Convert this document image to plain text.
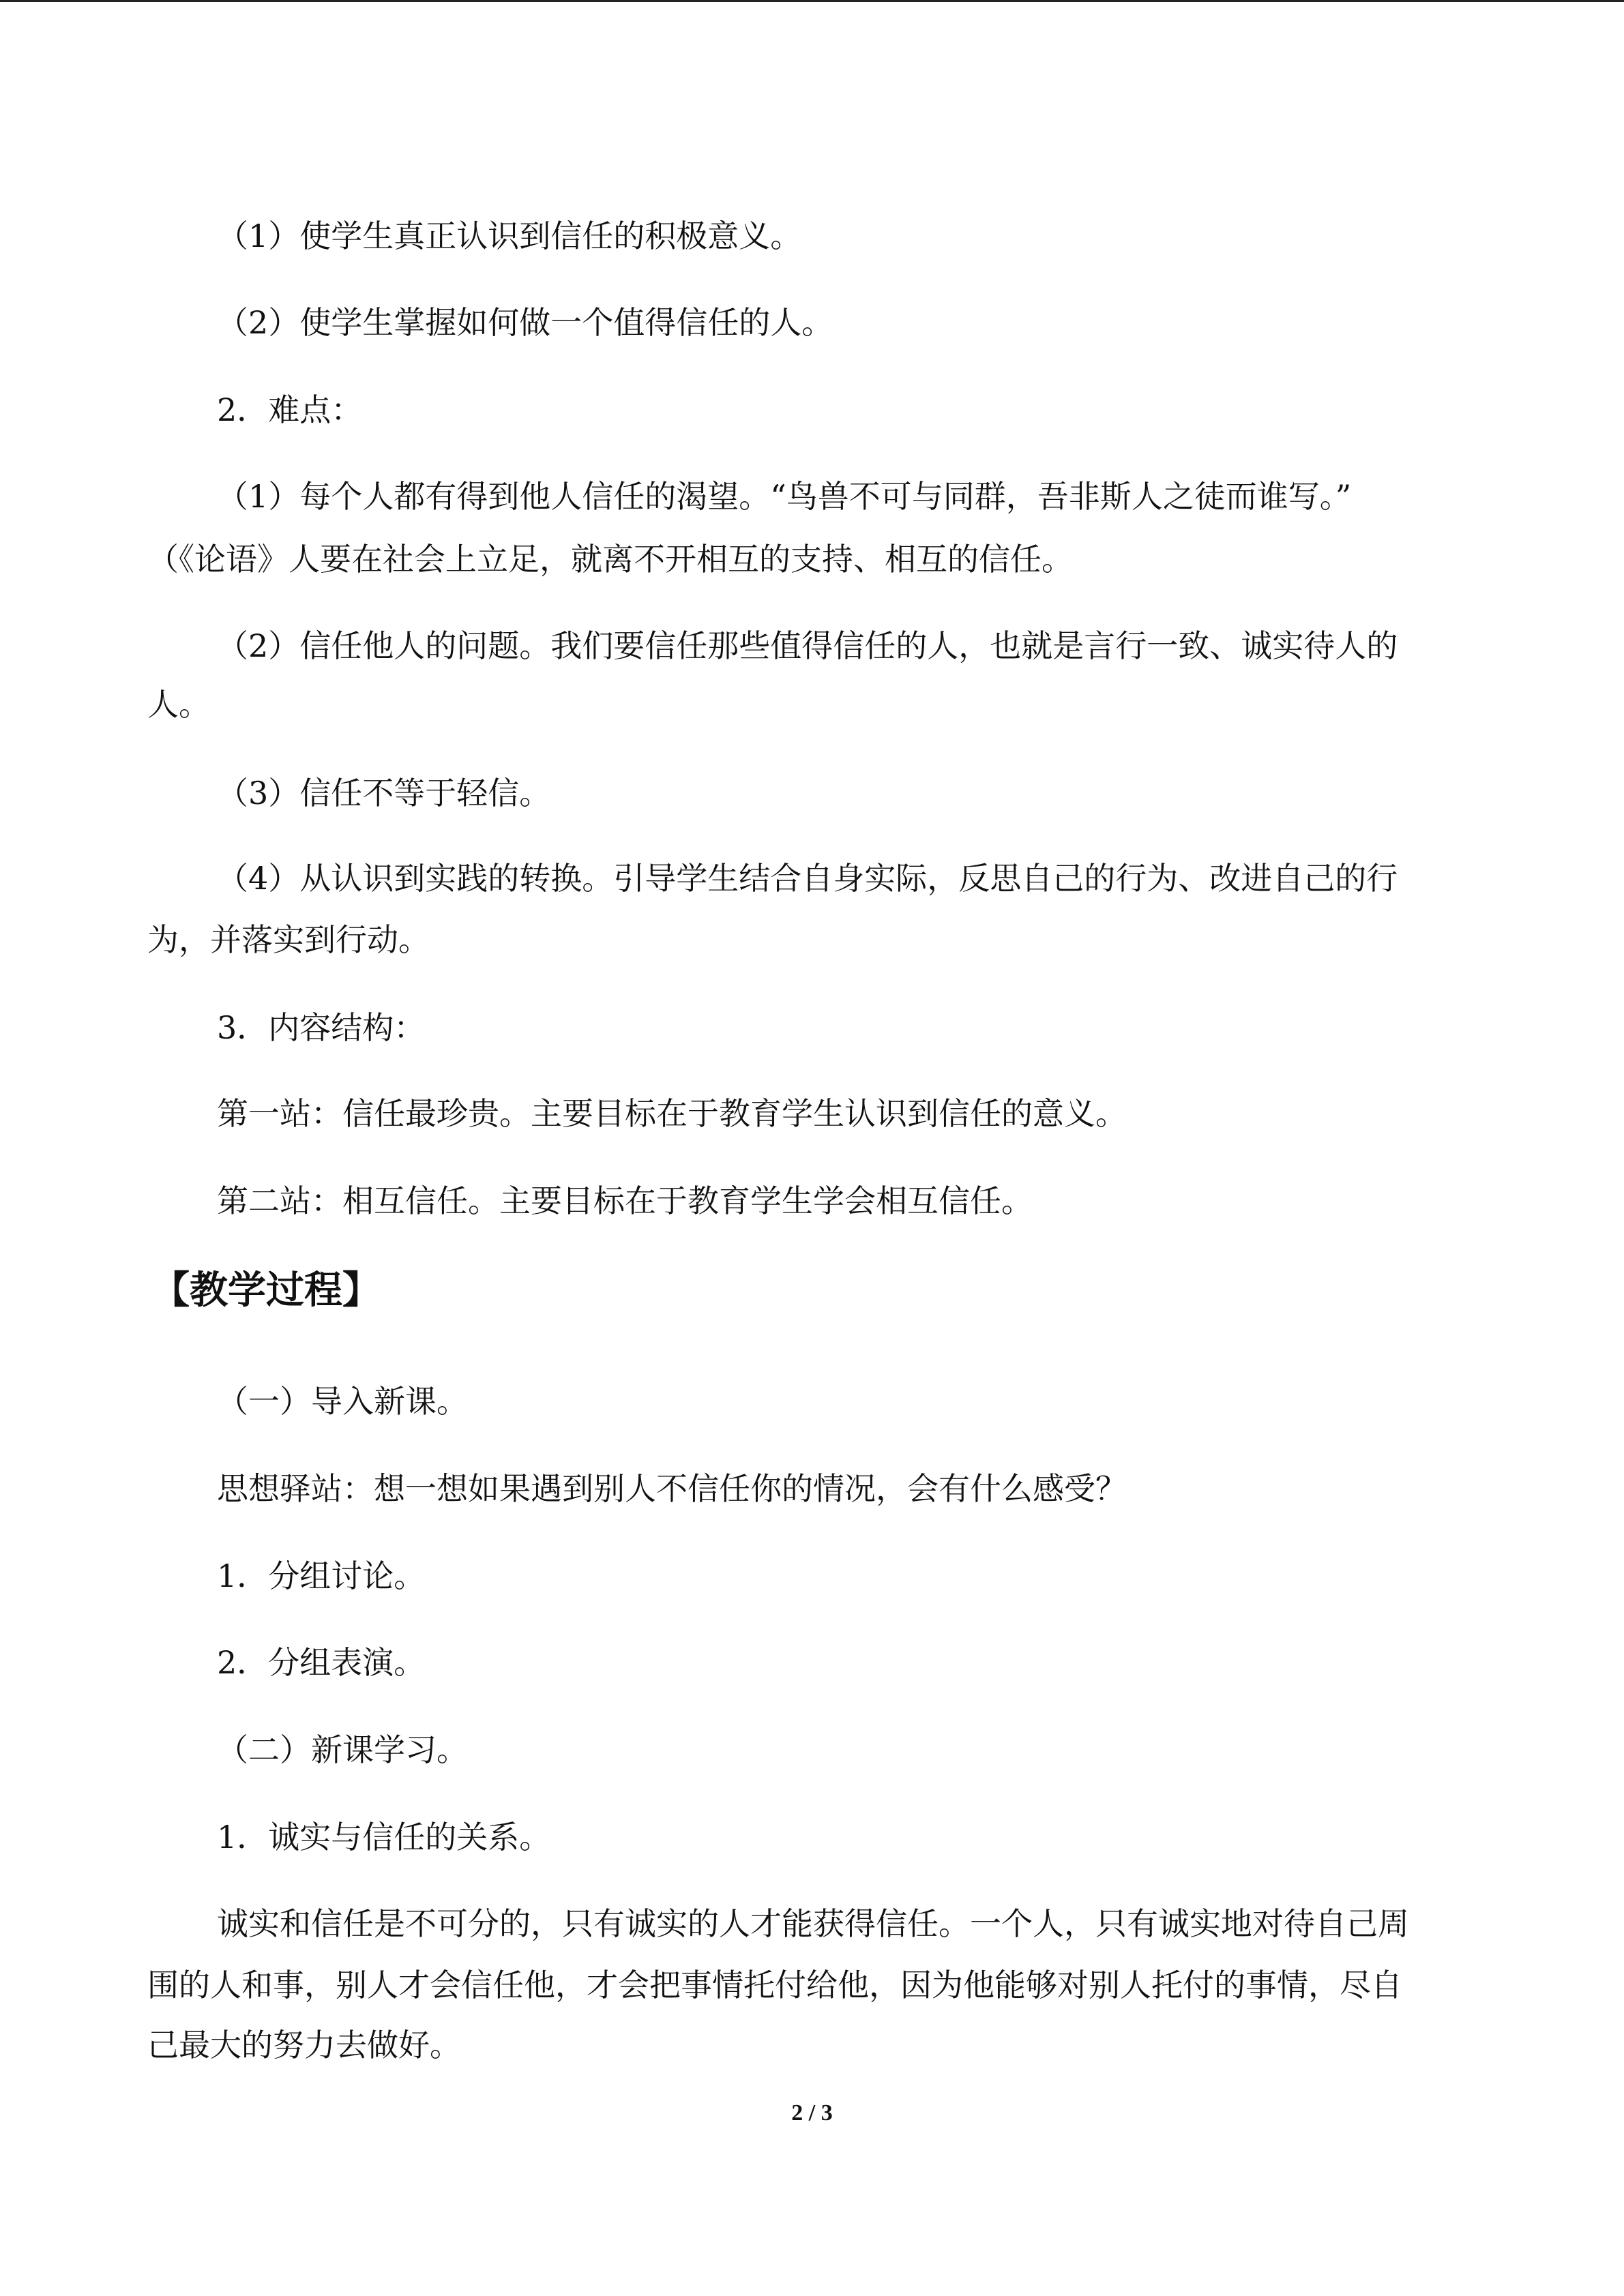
（1）使学生真正认识到信任的积极意义。

（2）使学生掌握如何做一个值得信任的人。

2．难点：

（1）每个人都有得到他人信任的渴望。“鸟兽不可与同群，吾非斯人之徒而谁写。”

（《论语》人要在社会上立足，就离不开相互的支持、相互的信任。

（2）信任他人的问题。我们要信任那些值得信任的人，也就是言行一致、诚实待人的

人。

（3）信任不等于轻信。

（4）从认识到实践的转换。引导学生结合自身实际，反思自己的行为、改进自己的行

为，并落实到行动。

3．内容结构：

第一站：信任最珍贵。主要目标在于教育学生认识到信任的意义。

第二站：相互信任。主要目标在于教育学生学会相互信任。

【教学过程】

（一）导入新课。

思想驿站：想一想如果遇到别人不信任你的情况，会有什么感受？

1．分组讨论。

2．分组表演。

（二）新课学习。

1．诚实与信任的关系。

诚实和信任是不可分的，只有诚实的人才能获得信任。一个人，只有诚实地对待自己周

围的人和事，别人才会信任他，才会把事情托付给他，因为他能够对别人托付的事情，尽自

己最大的努力去做好。

2 / 3
